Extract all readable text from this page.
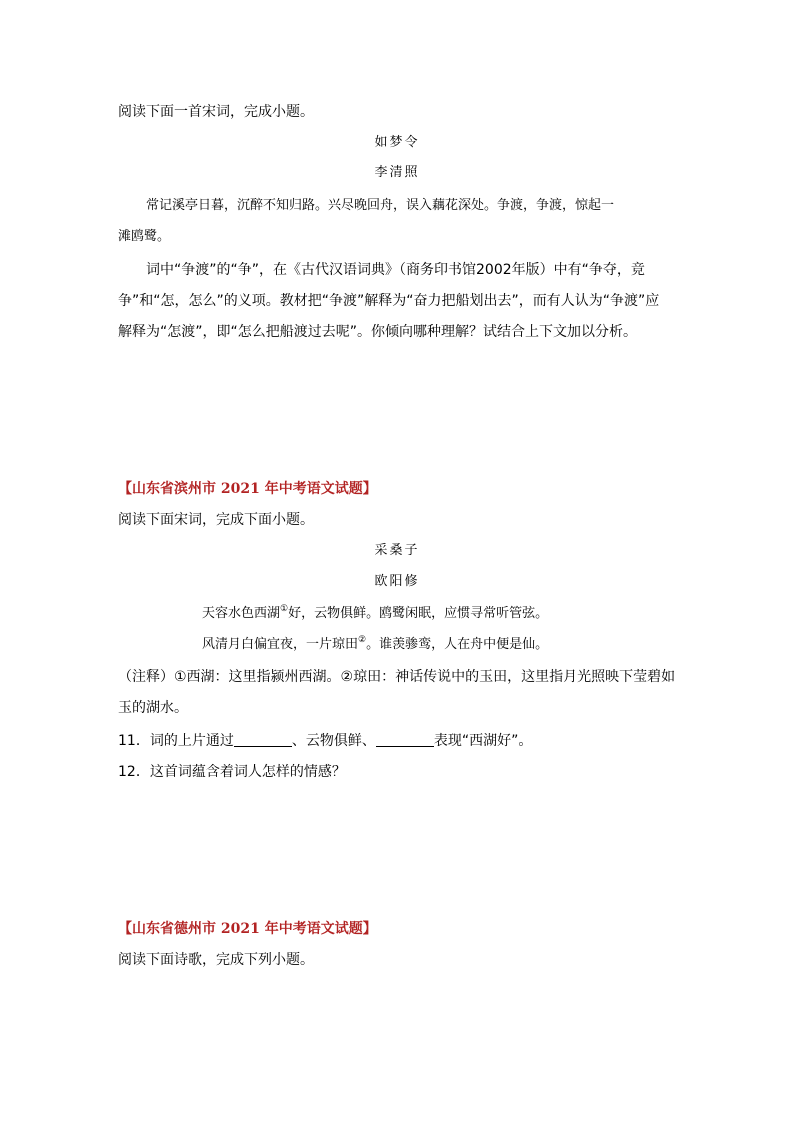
阅读下面一首宋词，完成小题。
如梦令
李清照
常记溪亭日暮，沉醉不知归路。兴尽晚回舟，误入藕花深处。争渡，争渡，惊起一
滩鸥鹭。
词中“争渡”的“争”，在《古代汉语词典》（商务印书馆2002年版）中有“争夺，竞
争”和“怎，怎么”的义项。教材把“争渡”解释为“奋力把船划出去”，而有人认为“争渡”应
解释为“怎渡”，即“怎么把船渡过去呢”。你倾向哪种理解？试结合上下文加以分析。
【山东省滨州市 2021 年中考语文试题】
阅读下面宋词，完成下面小题。
采桑子
欧阳修
天容水色西湖①好，云物俱鲜。鸥鹭闲眠，应惯寻常听管弦。
风清月白偏宜夜，一片琼田②。谁羡骖鸾，人在舟中便是仙。
（注释）①西湖：这里指颍州西湖。②琼田：神话传说中的玉田，这里指月光照映下莹碧如
玉的湖水。
11．词的上片通过	、云物俱鲜、	表现“西湖好”。
12．这首词蕴含着词人怎样的情感？
【山东省德州市 2021 年中考语文试题】
阅读下面诗歌，完成下列小题。
